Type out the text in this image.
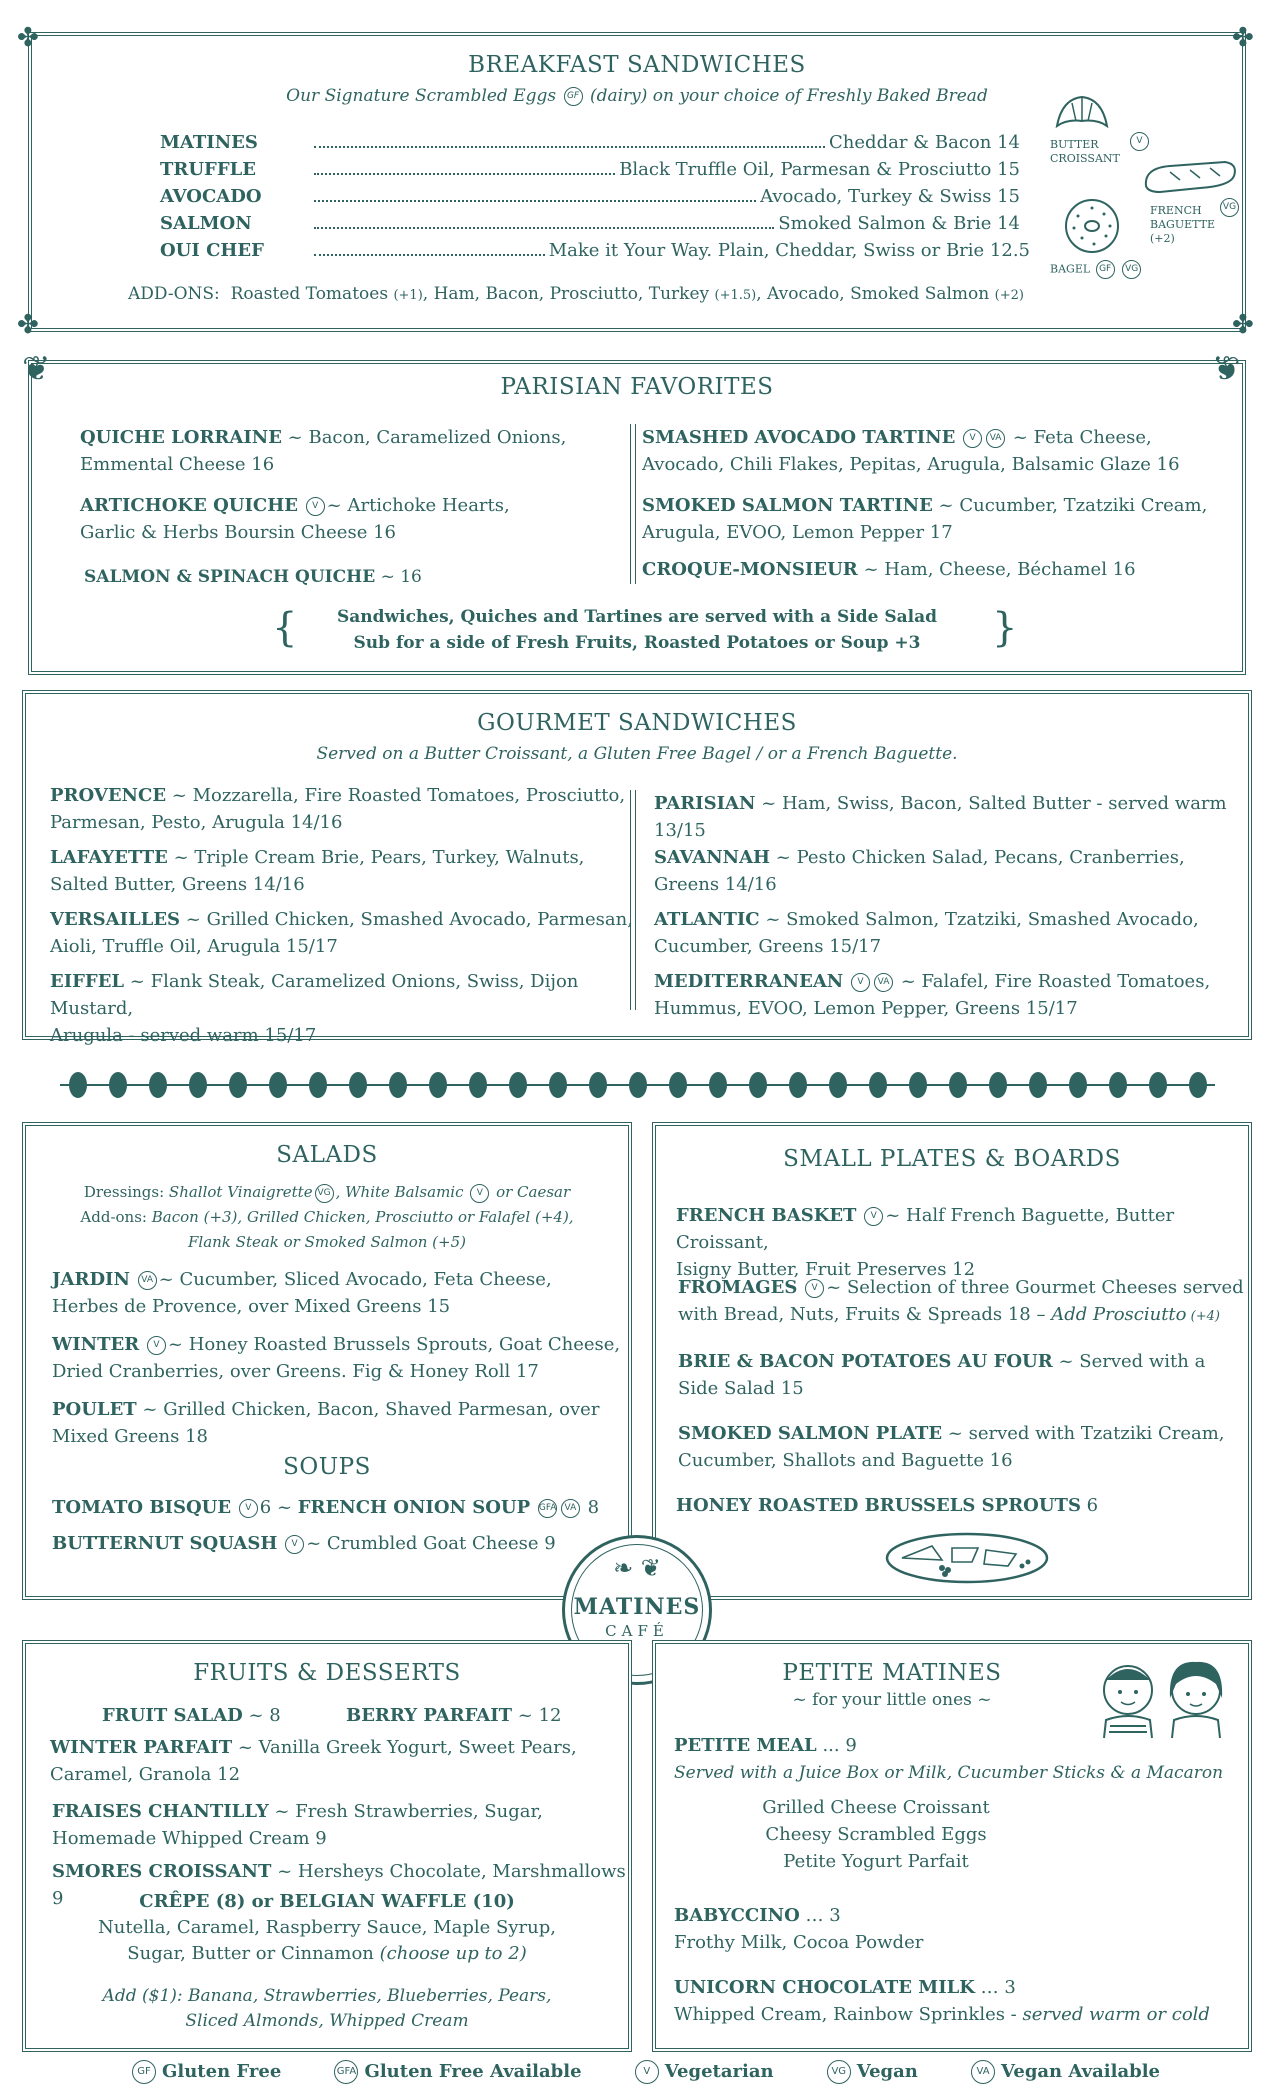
BREAKFAST SANDWICHES
Our Signature Scrambled Eggs GF (dairy) on your choice of Freshly Baked Bread
MATINES	Cheddar & Bacon 14
TRUFFLE	Black Truffle Oil, Parmesan & Prosciutto 15
AVOCADO	Avocado, Turkey & Swiss 15
SALMON	Smoked Salmon & Brie 14
OUI CHEF	Make it Your Way. Plain, Cheddar, Swiss or Brie 12.5
ADD-ONS: Roasted Tomatoes (+1), Ham, Bacon, Prosciutto, Turkey (+1.5), Avocado, Smoked Salmon (+2)
BUTTER CROISSANT
V
VG
FRENCH BAGUETTE (+2)
BAGEL GF VG
✤	✤
✤	✤
PARISIAN FAVORITES
QUICHE LORRAINE ~ Bacon, Caramelized Onions,
Emmental Cheese 16
ARTICHOKE QUICHE V ~ Artichoke Hearts,
Garlic & Herbs Boursin Cheese 16
SALMON & SPINACH QUICHE ~ 16
SMASHED AVOCADO TARTINE V VA ~ Feta Cheese,
Avocado, Chili Flakes, Pepitas, Arugula, Balsamic Glaze 16
SMOKED SALMON TARTINE ~ Cucumber, Tzatziki Cream,
Arugula, EVOO, Lemon Pepper 17
CROQUE-MONSIEUR ~ Ham, Cheese, Béchamel 16
Sandwiches, Quiches and Tartines are served with a Side Salad
Sub for a side of Fresh Fruits, Roasted Potatoes or Soup +3
{	}
❦	❦
GOURMET SANDWICHES
Served on a Butter Croissant, a Gluten Free Bagel / or a French Baguette.
PROVENCE ~ Mozzarella, Fire Roasted Tomatoes, Prosciutto,
Parmesan, Pesto, Arugula 14/16
LAFAYETTE ~ Triple Cream Brie, Pears, Turkey, Walnuts,
Salted Butter, Greens 14/16
VERSAILLES ~ Grilled Chicken, Smashed Avocado, Parmesan,
Aioli, Truffle Oil, Arugula 15/17
EIFFEL ~ Flank Steak, Caramelized Onions, Swiss, Dijon Mustard,
Arugula - served warm 15/17
PARISIAN ~ Ham, Swiss, Bacon, Salted Butter - served warm 13/15
SAVANNAH ~ Pesto Chicken Salad, Pecans, Cranberries,
Greens 14/16
ATLANTIC ~ Smoked Salmon, Tzatziki, Smashed Avocado,
Cucumber, Greens 15/17
MEDITERRANEAN V VA ~ Falafel, Fire Roasted Tomatoes,
Hummus, EVOO, Lemon Pepper, Greens 15/17
SALADS
Dressings: Shallot Vinaigrette VG , White Balsamic V or Caesar
Add-ons: Bacon (+3), Grilled Chicken, Prosciutto or Falafel (+4),
Flank Steak or Smoked Salmon (+5)
JARDIN VA ~ Cucumber, Sliced Avocado, Feta Cheese,
Herbes de Provence, over Mixed Greens 15
WINTER V ~ Honey Roasted Brussels Sprouts, Goat Cheese,
Dried Cranberries, over Greens. Fig & Honey Roll 17
POULET ~ Grilled Chicken, Bacon, Shaved Parmesan, over
Mixed Greens 18
SOUPS
TOMATO BISQUE V 6 ~ FRENCH ONION SOUP GFA VA 8
BUTTERNUT SQUASH V ~ Crumbled Goat Cheese 9
SMALL PLATES & BOARDS
FRENCH BASKET V ~ Half French Baguette, Butter Croissant,
Isigny Butter, Fruit Preserves 12
FROMAGES V ~ Selection of three Gourmet Cheeses served
with Bread, Nuts, Fruits & Spreads 18 – Add Prosciutto (+4)
BRIE & BACON POTATOES AU FOUR ~ Served with a
Side Salad 15
SMOKED SALMON PLATE ~ served with Tzatziki Cream,
Cucumber, Shallots and Baguette 16
HONEY ROASTED BRUSSELS SPROUTS 6
MATINES
CAFÉ
❧ ❦
FRUITS & DESSERTS
FRUIT SALAD ~ 8	BERRY PARFAIT ~ 12
WINTER PARFAIT ~ Vanilla Greek Yogurt, Sweet Pears,
Caramel, Granola 12
FRAISES CHANTILLY ~ Fresh Strawberries, Sugar,
Homemade Whipped Cream 9
SMORES CROISSANT ~ Hersheys Chocolate, Marshmallows 9	CRÊPE (8) or BELGIAN WAFFLE (10)
Nutella, Caramel, Raspberry Sauce, Maple Syrup,
Sugar, Butter or Cinnamon (choose up to 2)
Add ($1): Banana, Strawberries, Blueberries, Pears,
Sliced Almonds, Whipped Cream
PETITE MATINES
~ for your little ones ~
PETITE MEAL ... 9
Served with a Juice Box or Milk, Cucumber Sticks & a Macaron
Grilled Cheese Croissant
Cheesy Scrambled Eggs
Petite Yogurt Parfait
BABYCCINO … 3
Frothy Milk, Cocoa Powder
UNICORN CHOCOLATE MILK … 3
Whipped Cream, Rainbow Sprinkles - served warm or cold
GF Gluten Free	GFA Gluten Free Available	V Vegetarian	VG Vegan	VA Vegan Available
